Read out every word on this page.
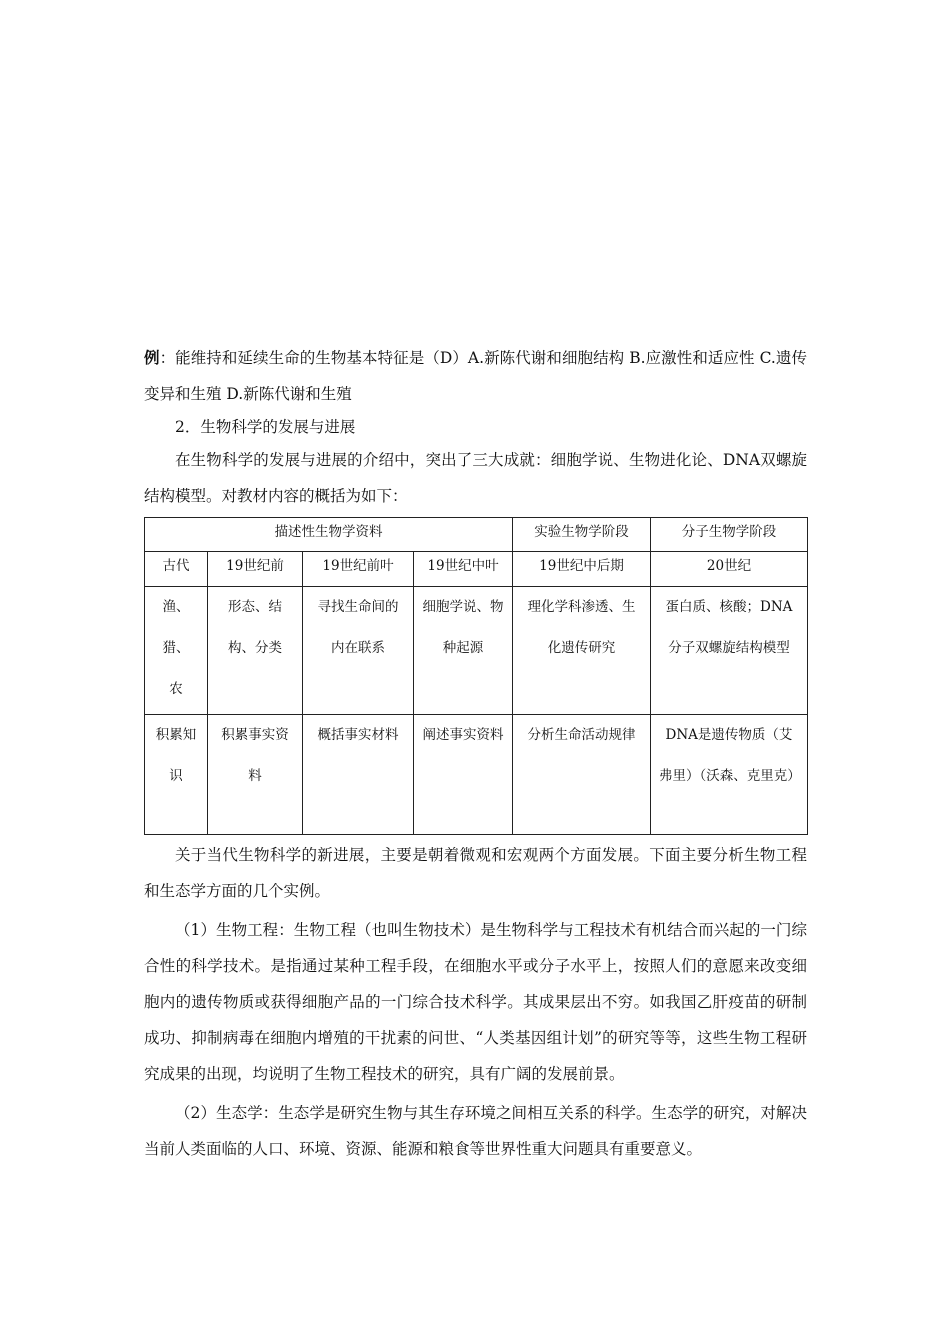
例：能维持和延续生命的生物基本特征是（D）A.新陈代谢和细胞结构 B.应激性和适应性 C.遗传变异和生殖 D.新陈代谢和生殖

2．生物科学的发展与进展

在生物科学的发展与进展的介绍中，突出了三大成就：细胞学说、生物进化论、DNA双螺旋结构模型。对教材内容的概括为如下：

描述性生物学资料				实验生物学阶段	分子生物学阶段
古代	19世纪前	19世纪前叶	19世纪中叶	19世纪中后期	20世纪
渔、猎、农	形态、结构、分类	寻找生命间的内在联系	细胞学说、物种起源	理化学科渗透、生化遗传研究	蛋白质、核酸；DNA分子双螺旋结构模型
积累知识	积累事实资料	概括事实材料	阐述事实资料	分析生命活动规律	DNA是遗传物质（艾弗里）（沃森、克里克）

关于当代生物科学的新进展，主要是朝着微观和宏观两个方面发展。下面主要分析生物工程和生态学方面的几个实例。

（1）生物工程：生物工程（也叫生物技术）是生物科学与工程技术有机结合而兴起的一门综合性的科学技术。是指通过某种工程手段，在细胞水平或分子水平上，按照人们的意愿来改变细胞内的遗传物质或获得细胞产品的一门综合技术科学。其成果层出不穷。如我国乙肝疫苗的研制成功、抑制病毒在细胞内增殖的干扰素的问世、“人类基因组计划”的研究等等，这些生物工程研究成果的出现，均说明了生物工程技术的研究，具有广阔的发展前景。

（2）生态学：生态学是研究生物与其生存环境之间相互关系的科学。生态学的研究，对解决当前人类面临的人口、环境、资源、能源和粮食等世界性重大问题具有重要意义。
